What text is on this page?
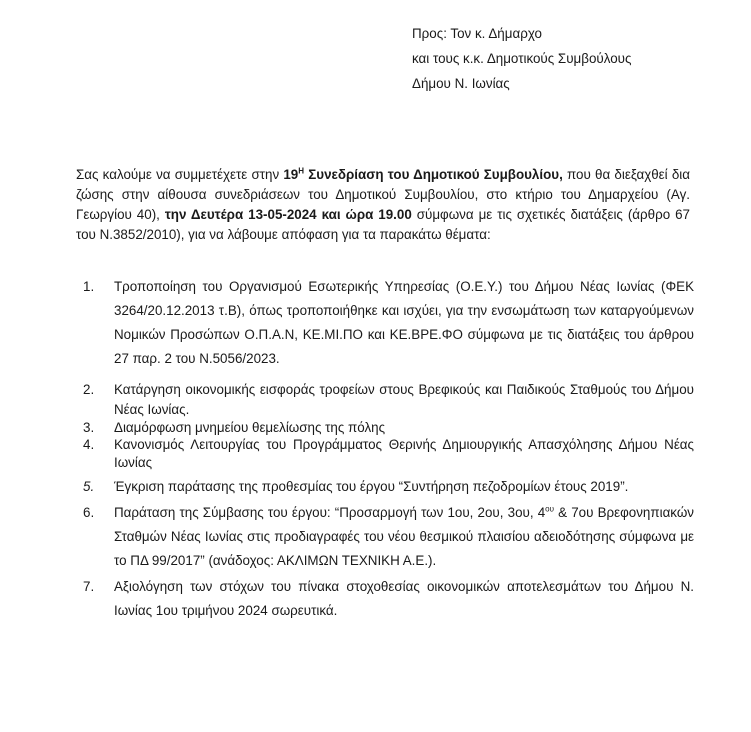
Προς: Τον κ. Δήμαρχο
και τους κ.κ. Δημοτικούς Συμβούλους
Δήμου Ν. Ιωνίας
Σας καλούμε να συμμετέχετε στην $19^H$ Συνεδρίαση του Δημοτικού Συμβουλίου, που θα διεξαχθεί δια ζώσης στην αίθουσα συνεδριάσεων του Δημοτικού Συμβουλίου, στο κτήριο του Δημαρχείου (Αγ. Γεωργίου 40), την Δευτέρα 13-05-2024 και ώρα 19.00 σύμφωνα με τις σχετικές διατάξεις (άρθρο 67 του Ν.3852/2010), για να λάβουμε απόφαση για τα παρακάτω θέματα:
1.	Τροποποίηση του Οργανισμού Εσωτερικής Υπηρεσίας (Ο.Ε.Υ.) του Δήμου Νέας Ιωνίας (ΦΕΚ 3264/20.12.2013 τ.Β), όπως τροποποιήθηκε και ισχύει, για την ενσωμάτωση των καταργούμενων Νομικών Προσώπων Ο.Π.Α.Ν, ΚΕ.ΜΙ.ΠΟ και ΚΕ.ΒΡΕ.ΦΟ σύμφωνα με τις διατάξεις του άρθρου 27 παρ. 2 του Ν.5056/2023.
2.	Κατάργηση οικονομικής εισφοράς τροφείων στους Βρεφικούς και Παιδικούς Σταθμούς του Δήμου Νέας Ιωνίας.
3.	Διαμόρφωση μνημείου θεμελίωσης της πόλης
4.	Κανονισμός Λειτουργίας του Προγράμματος Θερινής Δημιουργικής Απασχόλησης Δήμου Νέας Ιωνίας
5.	Έγκριση παράτασης της προθεσμίας του έργου “Συντήρηση πεζοδρομίων έτους 2019”.
6.	Παράταση της Σύμβασης του έργου: “Προσαρμογή των 1ου, 2ου, 3ου, $4^{o\upsilon}$ & 7ου Βρεφονηπιακών Σταθμών Νέας Ιωνίας στις προδιαγραφές του νέου θεσμικού πλαισίου αδειοδότησης σύμφωνα με το ΠΔ 99/2017” (ανάδοχος: ΑΚΛΙΜΩΝ ΤΕΧΝΙΚΗ Α.Ε.).
7.	Αξιολόγηση των στόχων του πίνακα στοχοθεσίας οικονομικών αποτελεσμάτων του Δήμου Ν. Ιωνίας 1ου τριμήνου 2024 σωρευτικά.
